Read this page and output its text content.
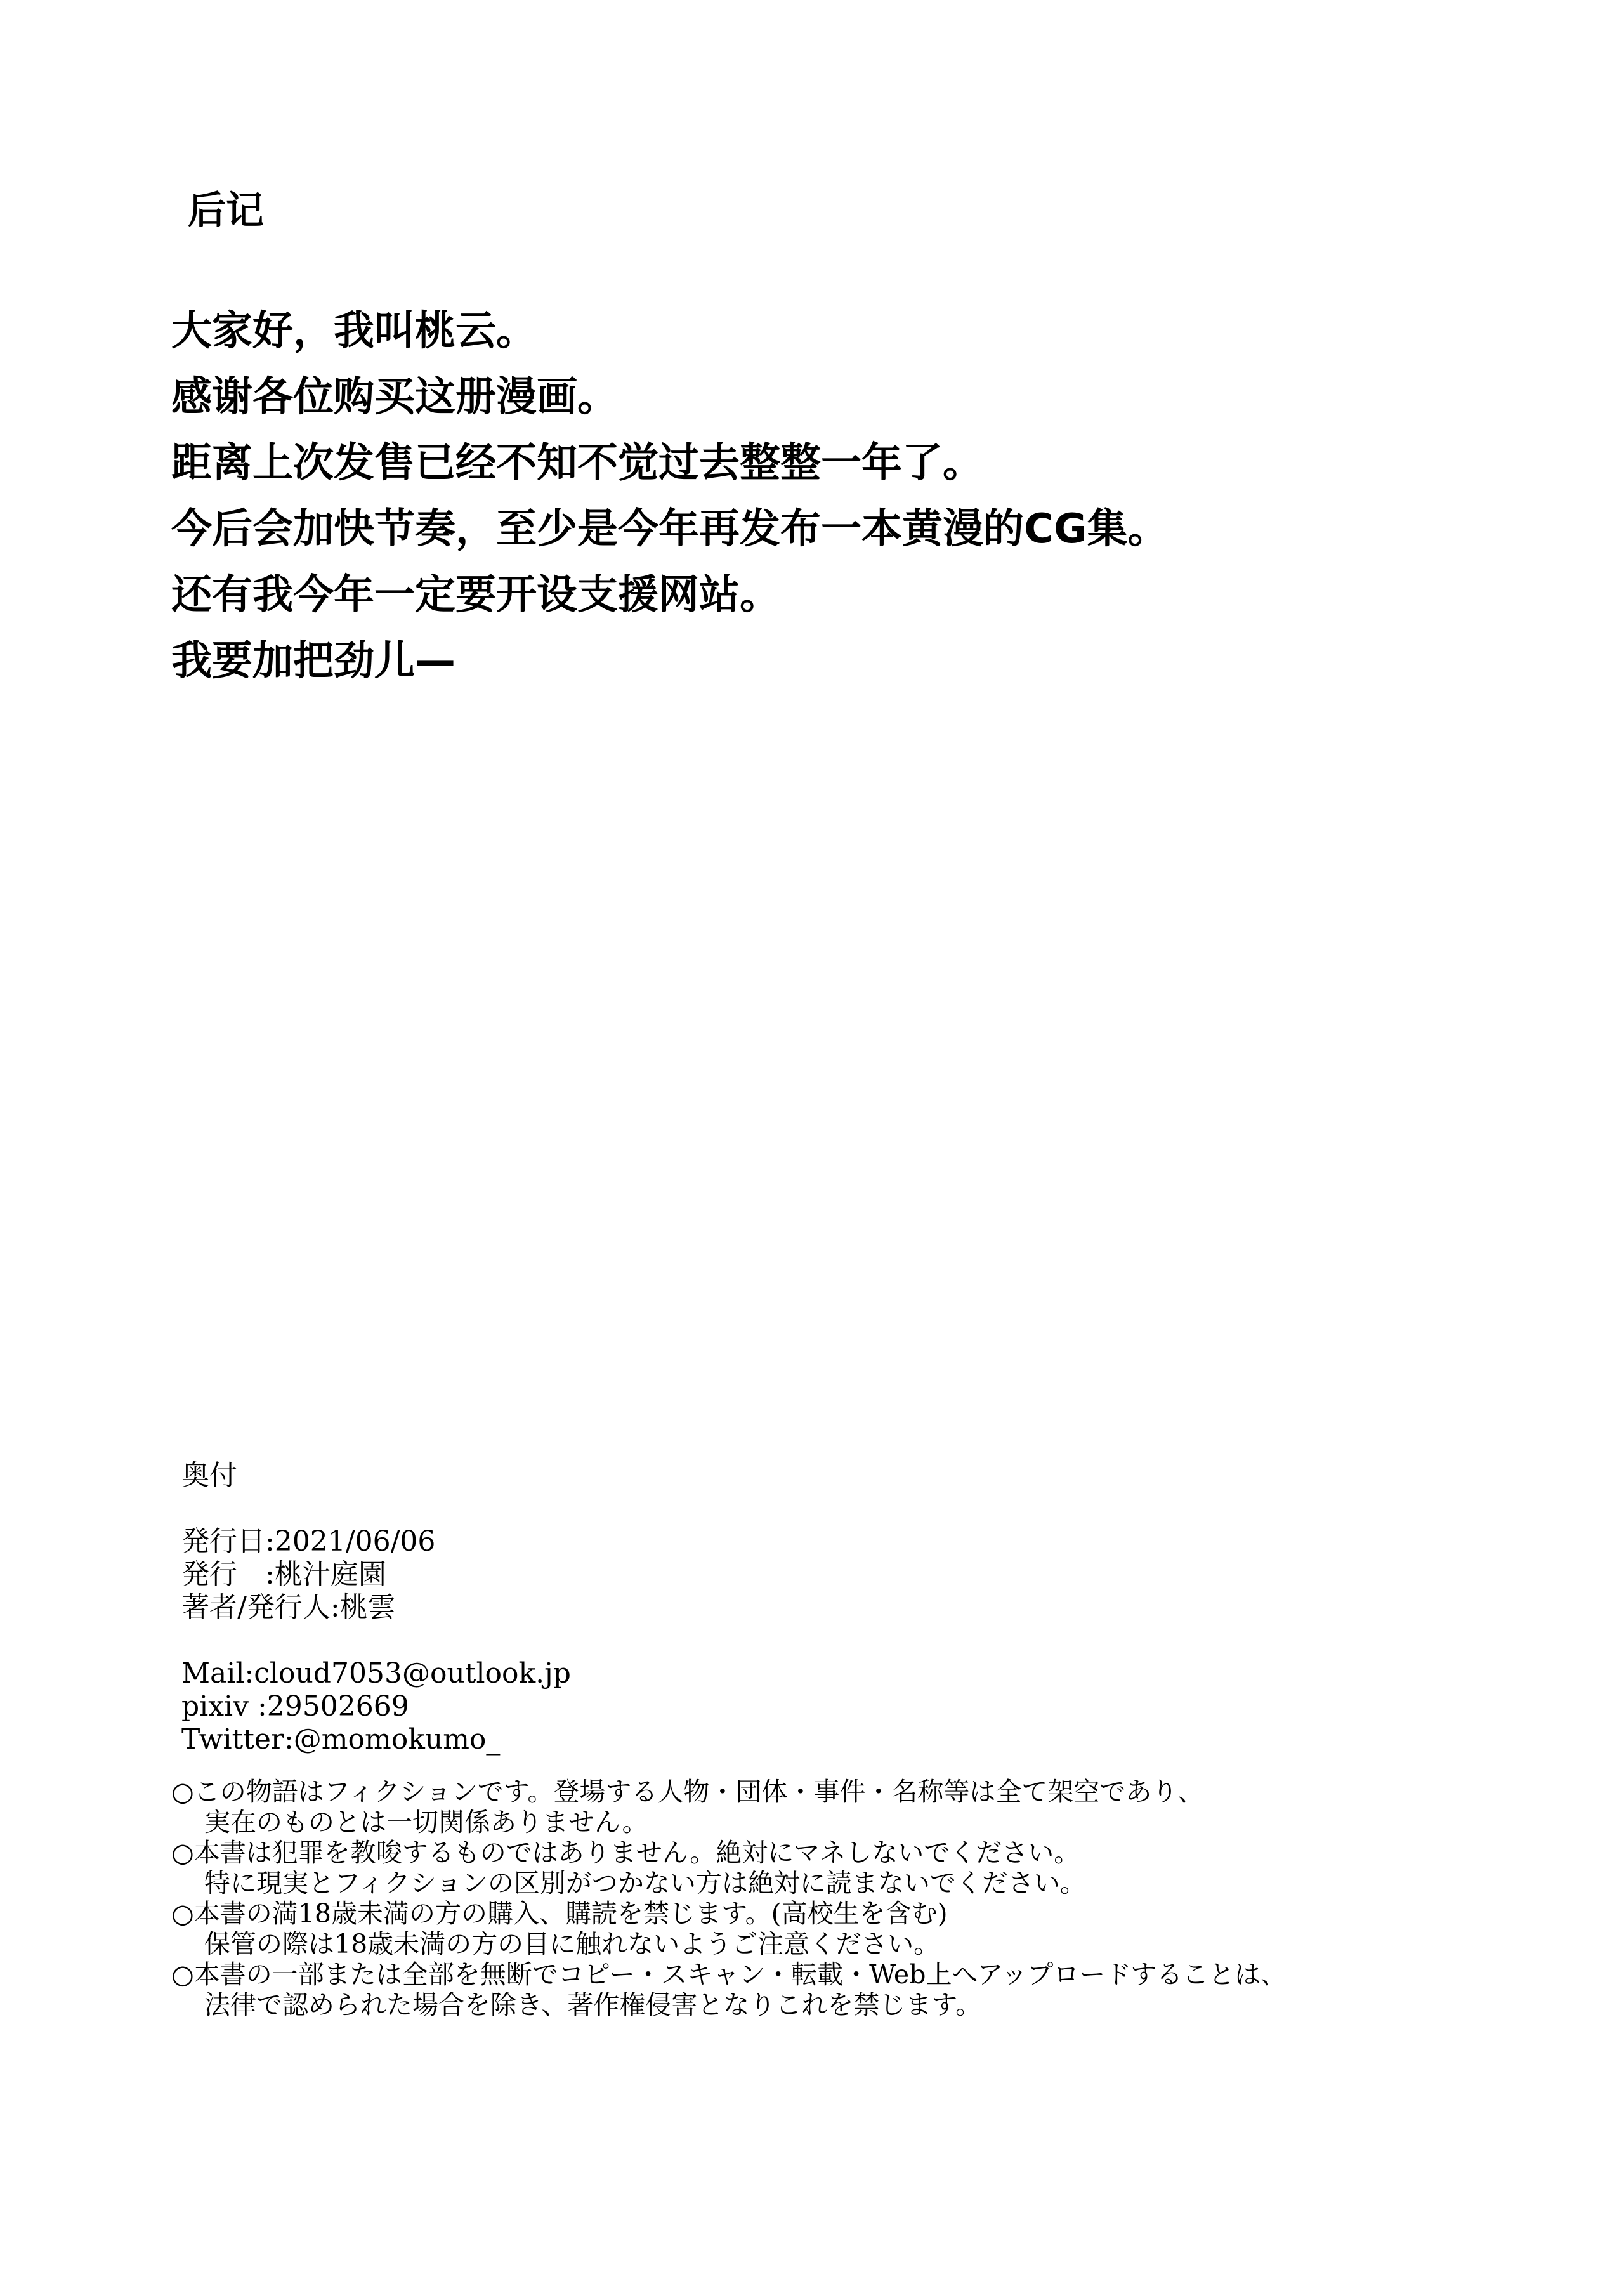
后记
大家好，我叫桃云。
感谢各位购买这册漫画。
距离上次发售已经不知不觉过去整整一年了。
今后会加快节奏，至少是今年再发布一本黄漫的CG集。
还有我今年一定要开设支援网站。
我要加把劲儿—
奥付
発行日:2021/06/06
発行　:桃汁庭園
著者/発行人:桃雲
Mail:cloud7053@outlook.jp
pixiv :29502669
Twitter:@momokumo_
○この物語はフィクションです。登場する人物・団体・事件・名称等は全て架空であり、
実在のものとは一切関係ありません。
○本書は犯罪を教唆するものではありません。絶対にマネしないでください。
特に現実とフィクションの区別がつかない方は絶対に読まないでください。
○本書の満18歳未満の方の購入、購読を禁じます。(高校生を含む)
保管の際は18歳未満の方の目に触れないようご注意ください。
○本書の一部または全部を無断でコピー・スキャン・転載・Web上へアップロードすることは、
法律で認められた場合を除き、著作権侵害となりこれを禁じます。
